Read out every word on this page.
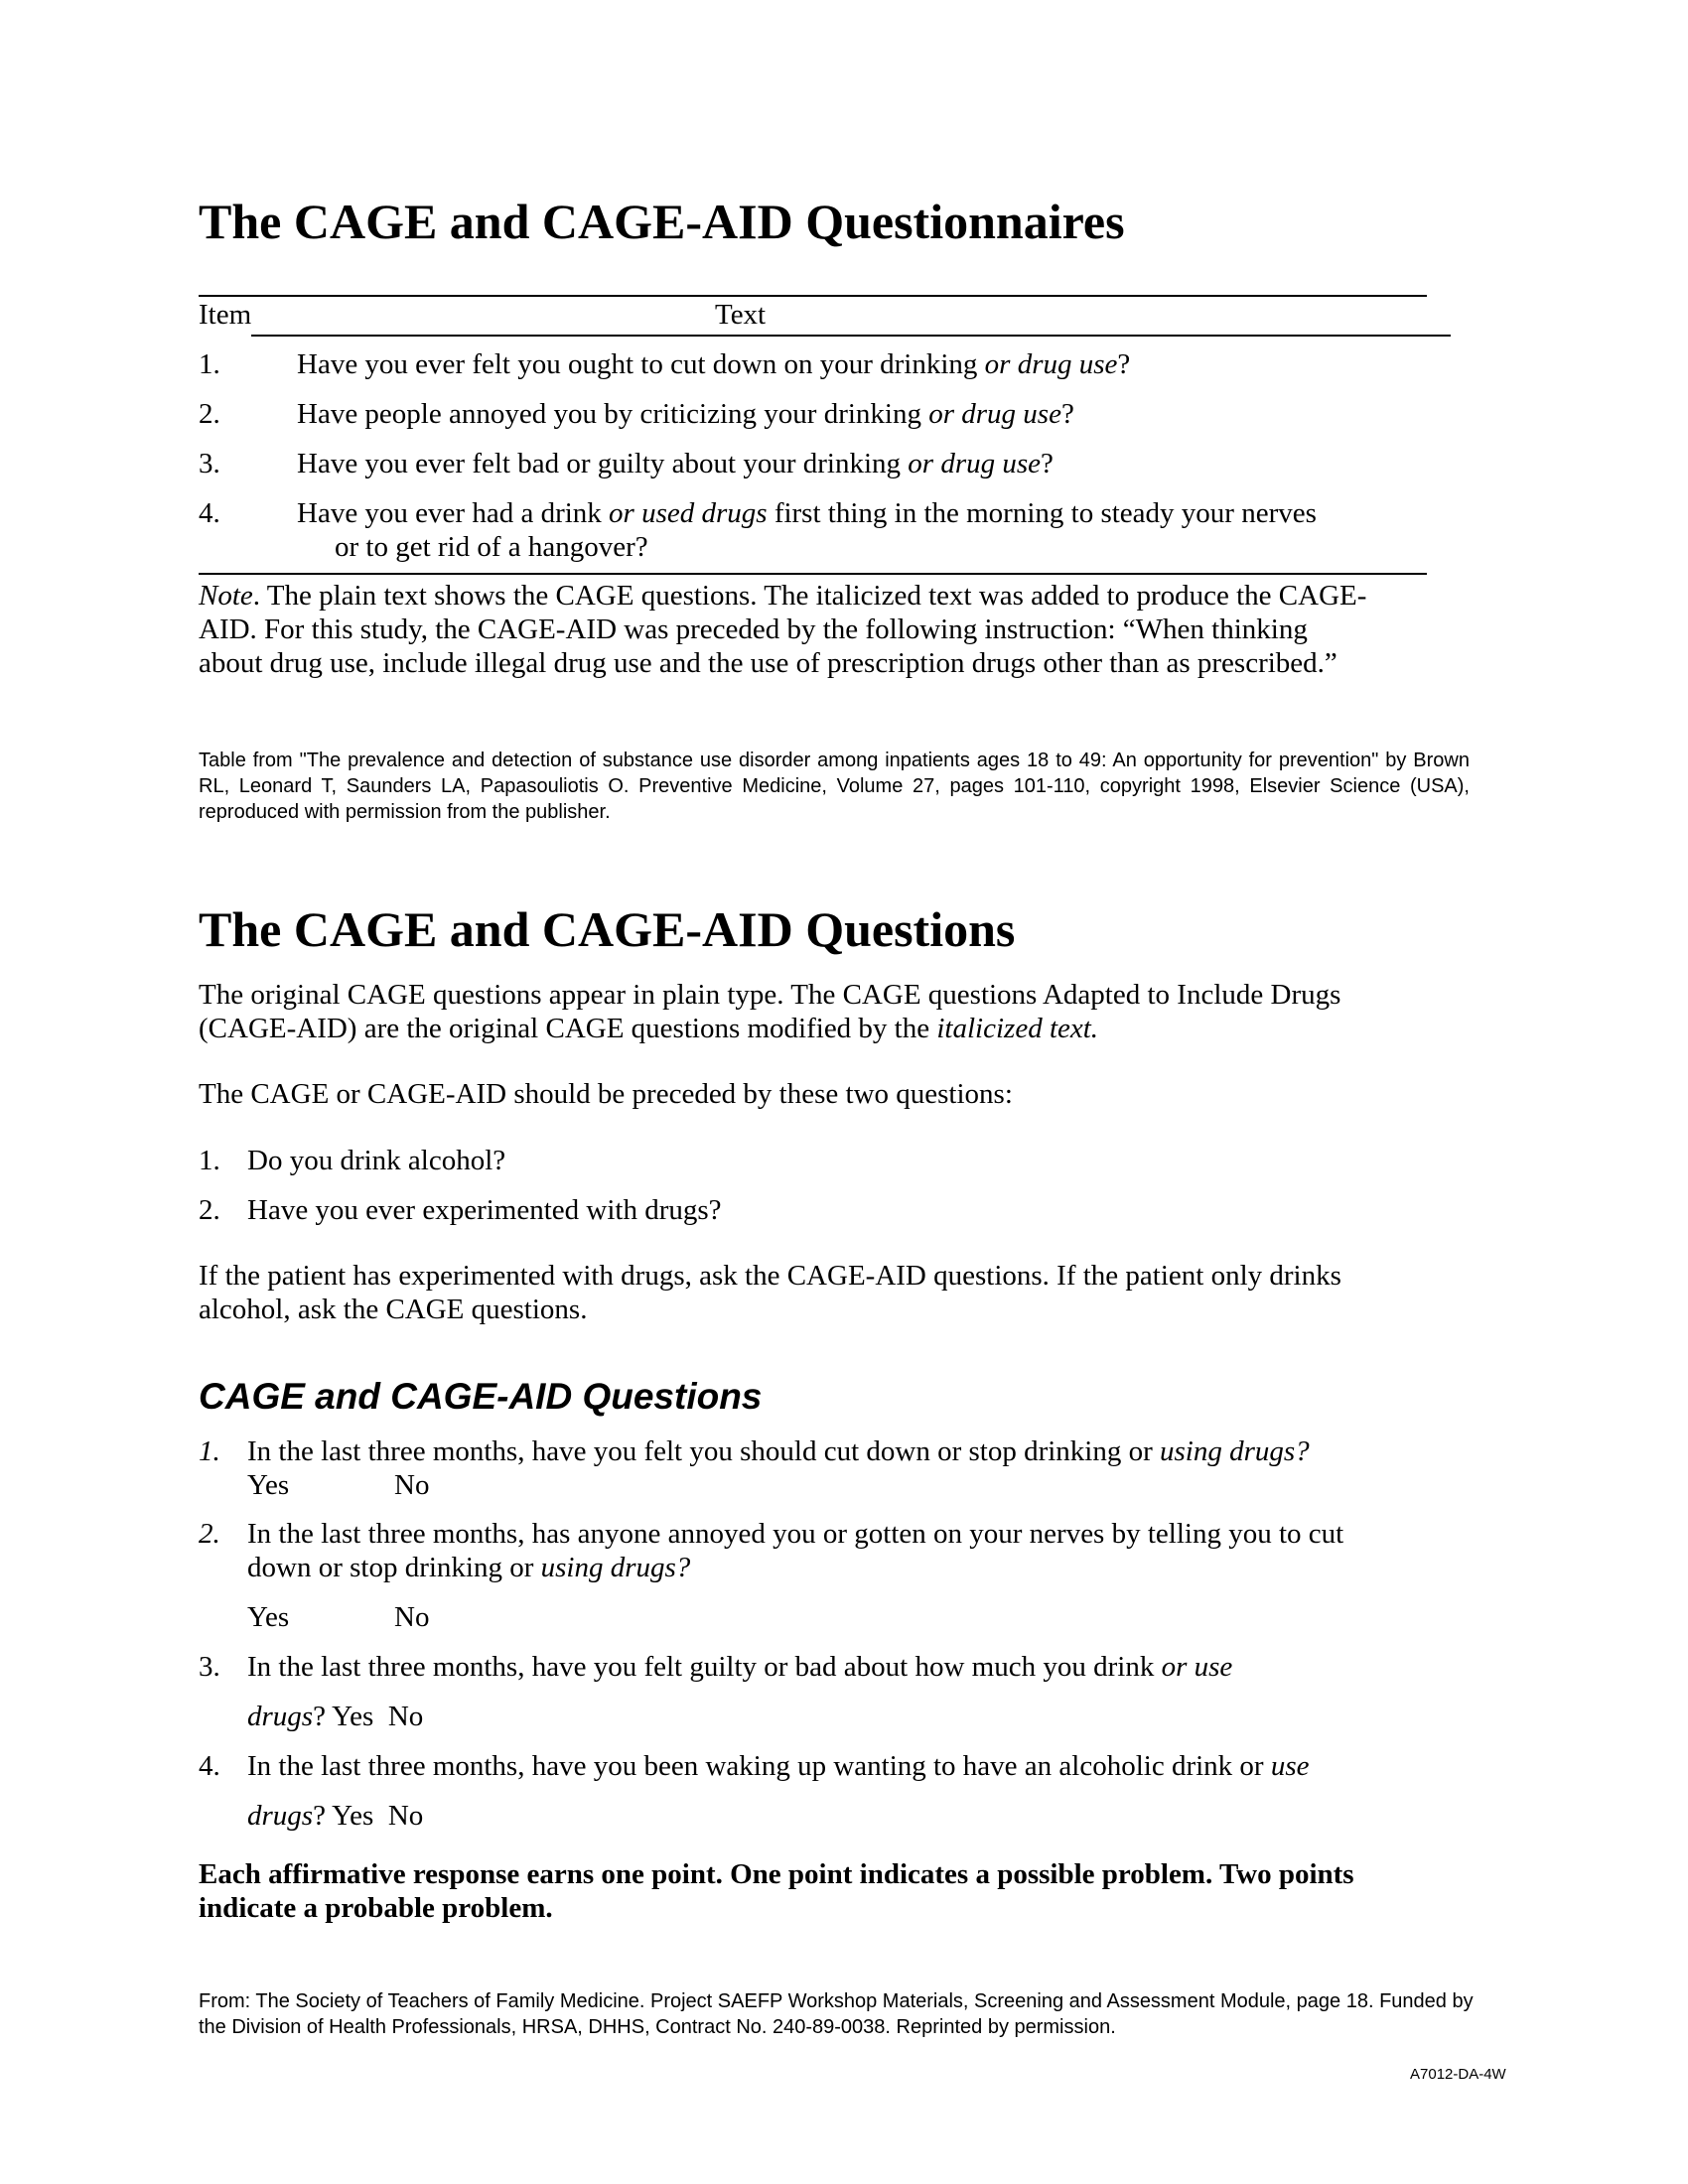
The CAGE and CAGE-AID Questionnaires
Item	Text
1.	Have you ever felt you ought to cut down on your drinking or drug use?
2.	Have people annoyed you by criticizing your drinking or drug use?
3.	Have you ever felt bad or guilty about your drinking or drug use?
4.	Have you ever had a drink or used drugs first thing in the morning to steady your nerves
or to get rid of a hangover?
Note. The plain text shows the CAGE questions. The italicized text was added to produce the CAGE- AID. For this study, the CAGE-AID was preceded by the following instruction: “When thinking about drug use, include illegal drug use and the use of prescription drugs other than as prescribed.”
Table from "The prevalence and detection of substance use disorder among inpatients ages 18 to 49: An opportunity for prevention" by Brown RL, Leonard T, Saunders LA, Papasouliotis O. Preventive Medicine, Volume 27, pages 101-110, copyright 1998, Elsevier Science (USA), reproduced with permission from the publisher.
The CAGE and CAGE-AID Questions
The original CAGE questions appear in plain type. The CAGE questions Adapted to Include Drugs (CAGE-AID) are the original CAGE questions modified by the italicized text.
The CAGE or CAGE-AID should be preceded by these two questions:
1. Do you drink alcohol?
2. Have you ever experimented with drugs?
If the patient has experimented with drugs, ask the CAGE-AID questions. If the patient only drinks alcohol, ask the CAGE questions.
CAGE and CAGE-AID Questions
1. In the last three months, have you felt you should cut down or stop drinking or using drugs?
Yes	No
2. In the last three months, has anyone annoyed you or gotten on your nerves by telling you to cut
down or stop drinking or using drugs?
Yes	No
3. In the last three months, have you felt guilty or bad about how much you drink or use
drugs? Yes  No
4. In the last three months, have you been waking up wanting to have an alcoholic drink or use
drugs? Yes  No
Each affirmative response earns one point. One point indicates a possible problem. Two points indicate a probable problem.
From: The Society of Teachers of Family Medicine. Project SAEFP Workshop Materials, Screening and Assessment Module, page 18. Funded by the Division of Health Professionals, HRSA, DHHS, Contract No. 240-89-0038. Reprinted by permission.
A7012-DA-4W
